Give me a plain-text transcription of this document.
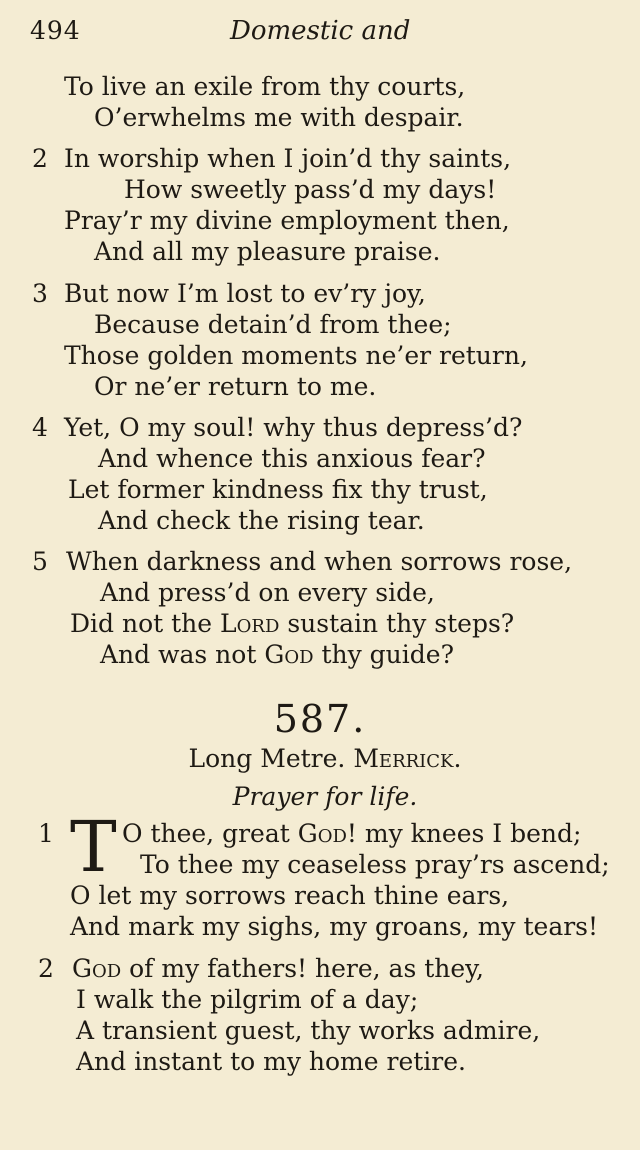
494	Domestic and
To live an exile from thy courts,
O’erwhelms me with despair.
2 In worship when I join’d thy saints,
How sweetly pass’d my days!
Pray’r my divine employment then,
And all my pleasure praise.
3 But now I’m lost to ev’ry joy,
Because detain’d from thee;
Those golden moments ne’er return,
Or ne’er return to me.
4 Yet, O my soul! why thus depress’d?
And whence this anxious fear?
Let former kindness fix thy trust,
And check the rising tear.
5 When darkness and when sorrows rose,
And press’d on every side,
Did not the Lord sustain thy steps?
And was not God thy guide?
587.
Long Metre. Merrick.
Prayer for life.
1 T O thee, great God! my knees I bend;
To thee my ceaseless pray’rs ascend;
O let my sorrows reach thine ears,
And mark my sighs, my groans, my tears!
2 God of my fathers! here, as they,
I walk the pilgrim of a day;
A transient guest, thy works admire,
And instant to my home retire.
